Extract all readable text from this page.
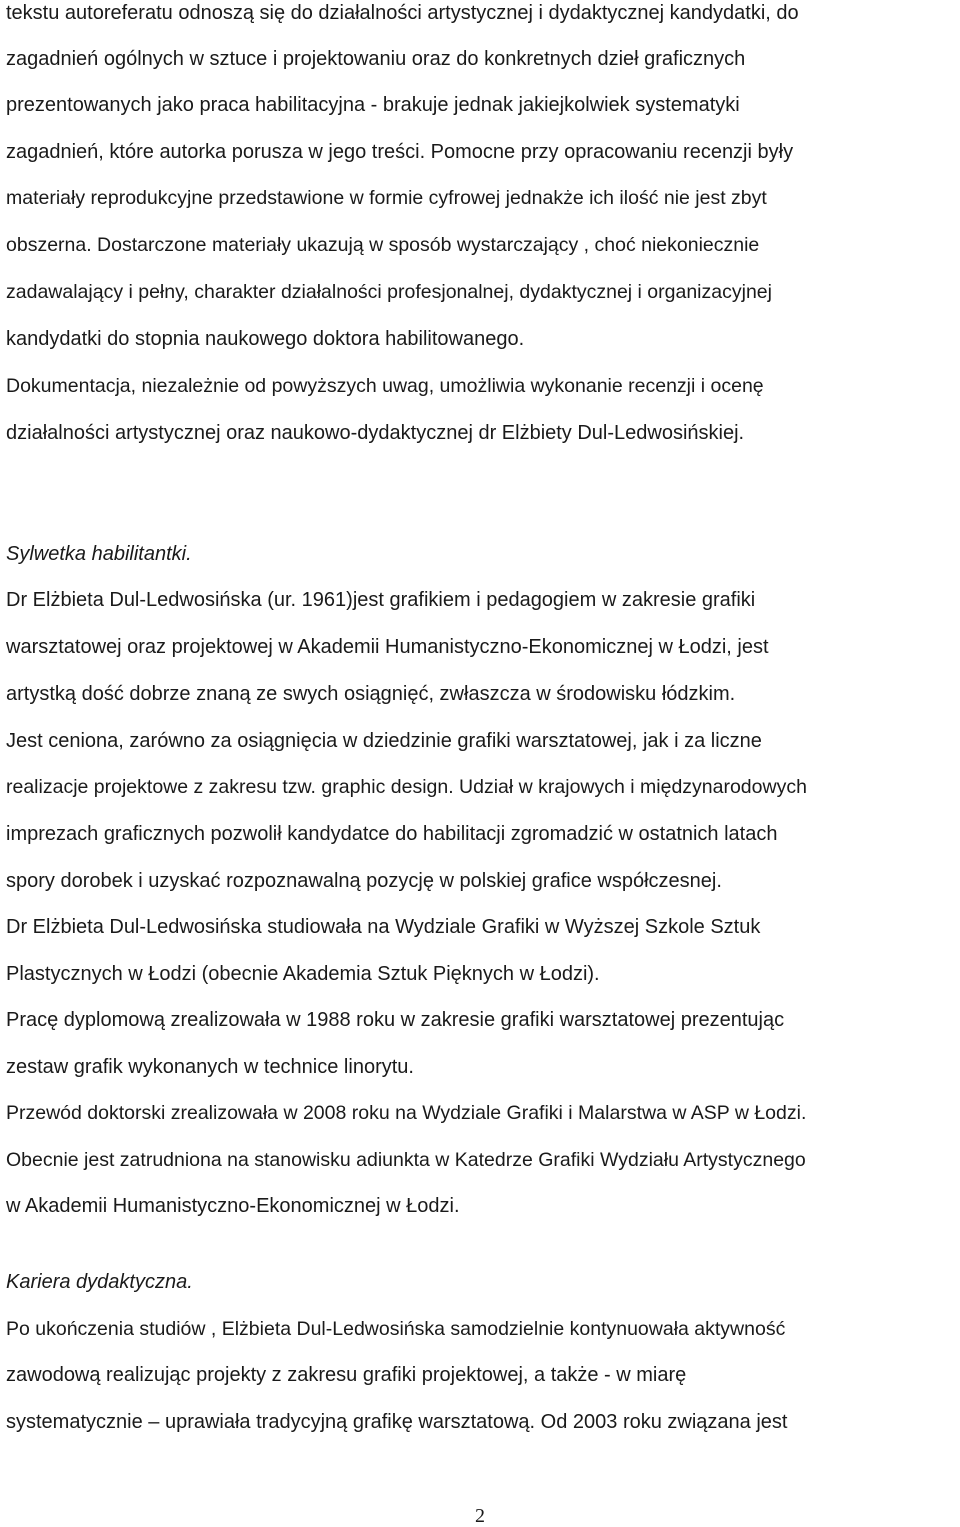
tekstu autoreferatu odnoszą się do działalności artystycznej i dydaktycznej kandydatki, do
zagadnień ogólnych w sztuce i projektowaniu oraz do konkretnych dzieł graficznych
prezentowanych jako praca habilitacyjna - brakuje jednak jakiejkolwiek systematyki
zagadnień, które autorka porusza w jego treści. Pomocne przy opracowaniu recenzji były
materiały reprodukcyjne przedstawione w formie cyfrowej jednakże ich ilość nie jest zbyt
obszerna. Dostarczone materiały ukazują w sposób wystarczający , choć niekoniecznie
zadawalający i pełny, charakter działalności profesjonalnej, dydaktycznej i organizacyjnej
kandydatki do stopnia naukowego doktora habilitowanego.
Dokumentacja, niezależnie od powyższych uwag, umożliwia wykonanie recenzji i ocenę
działalności artystycznej oraz naukowo-dydaktycznej dr Elżbiety Dul-Ledwosińskiej.
Sylwetka habilitantki.
Dr Elżbieta Dul-Ledwosińska (ur. 1961)jest grafikiem i pedagogiem w zakresie grafiki
warsztatowej oraz projektowej w Akademii Humanistyczno-Ekonomicznej w Łodzi, jest
artystką dość dobrze znaną ze swych osiągnięć, zwłaszcza w środowisku łódzkim.
Jest ceniona, zarówno za osiągnięcia w dziedzinie grafiki warsztatowej, jak i za liczne
realizacje projektowe z zakresu tzw. graphic design. Udział w krajowych i międzynarodowych
imprezach graficznych pozwolił kandydatce do habilitacji zgromadzić w ostatnich latach
spory dorobek i uzyskać rozpoznawalną pozycję w polskiej grafice współczesnej.
Dr Elżbieta Dul-Ledwosińska studiowała na Wydziale Grafiki w Wyższej Szkole Sztuk
Plastycznych w Łodzi (obecnie Akademia Sztuk Pięknych w Łodzi).
Pracę dyplomową zrealizowała w 1988 roku w zakresie grafiki warsztatowej prezentując
zestaw grafik wykonanych w technice linorytu.
Przewód doktorski zrealizowała w 2008 roku na Wydziale Grafiki i Malarstwa w ASP w Łodzi.
Obecnie jest zatrudniona na stanowisku adiunkta w Katedrze Grafiki Wydziału Artystycznego
w Akademii Humanistyczno-Ekonomicznej w Łodzi.
Kariera dydaktyczna.
Po ukończenia studiów , Elżbieta Dul-Ledwosińska samodzielnie kontynuowała aktywność
zawodową realizując projekty z zakresu grafiki projektowej, a także - w miarę
systematycznie – uprawiała tradycyjną grafikę warsztatową. Od 2003 roku związana jest
2
